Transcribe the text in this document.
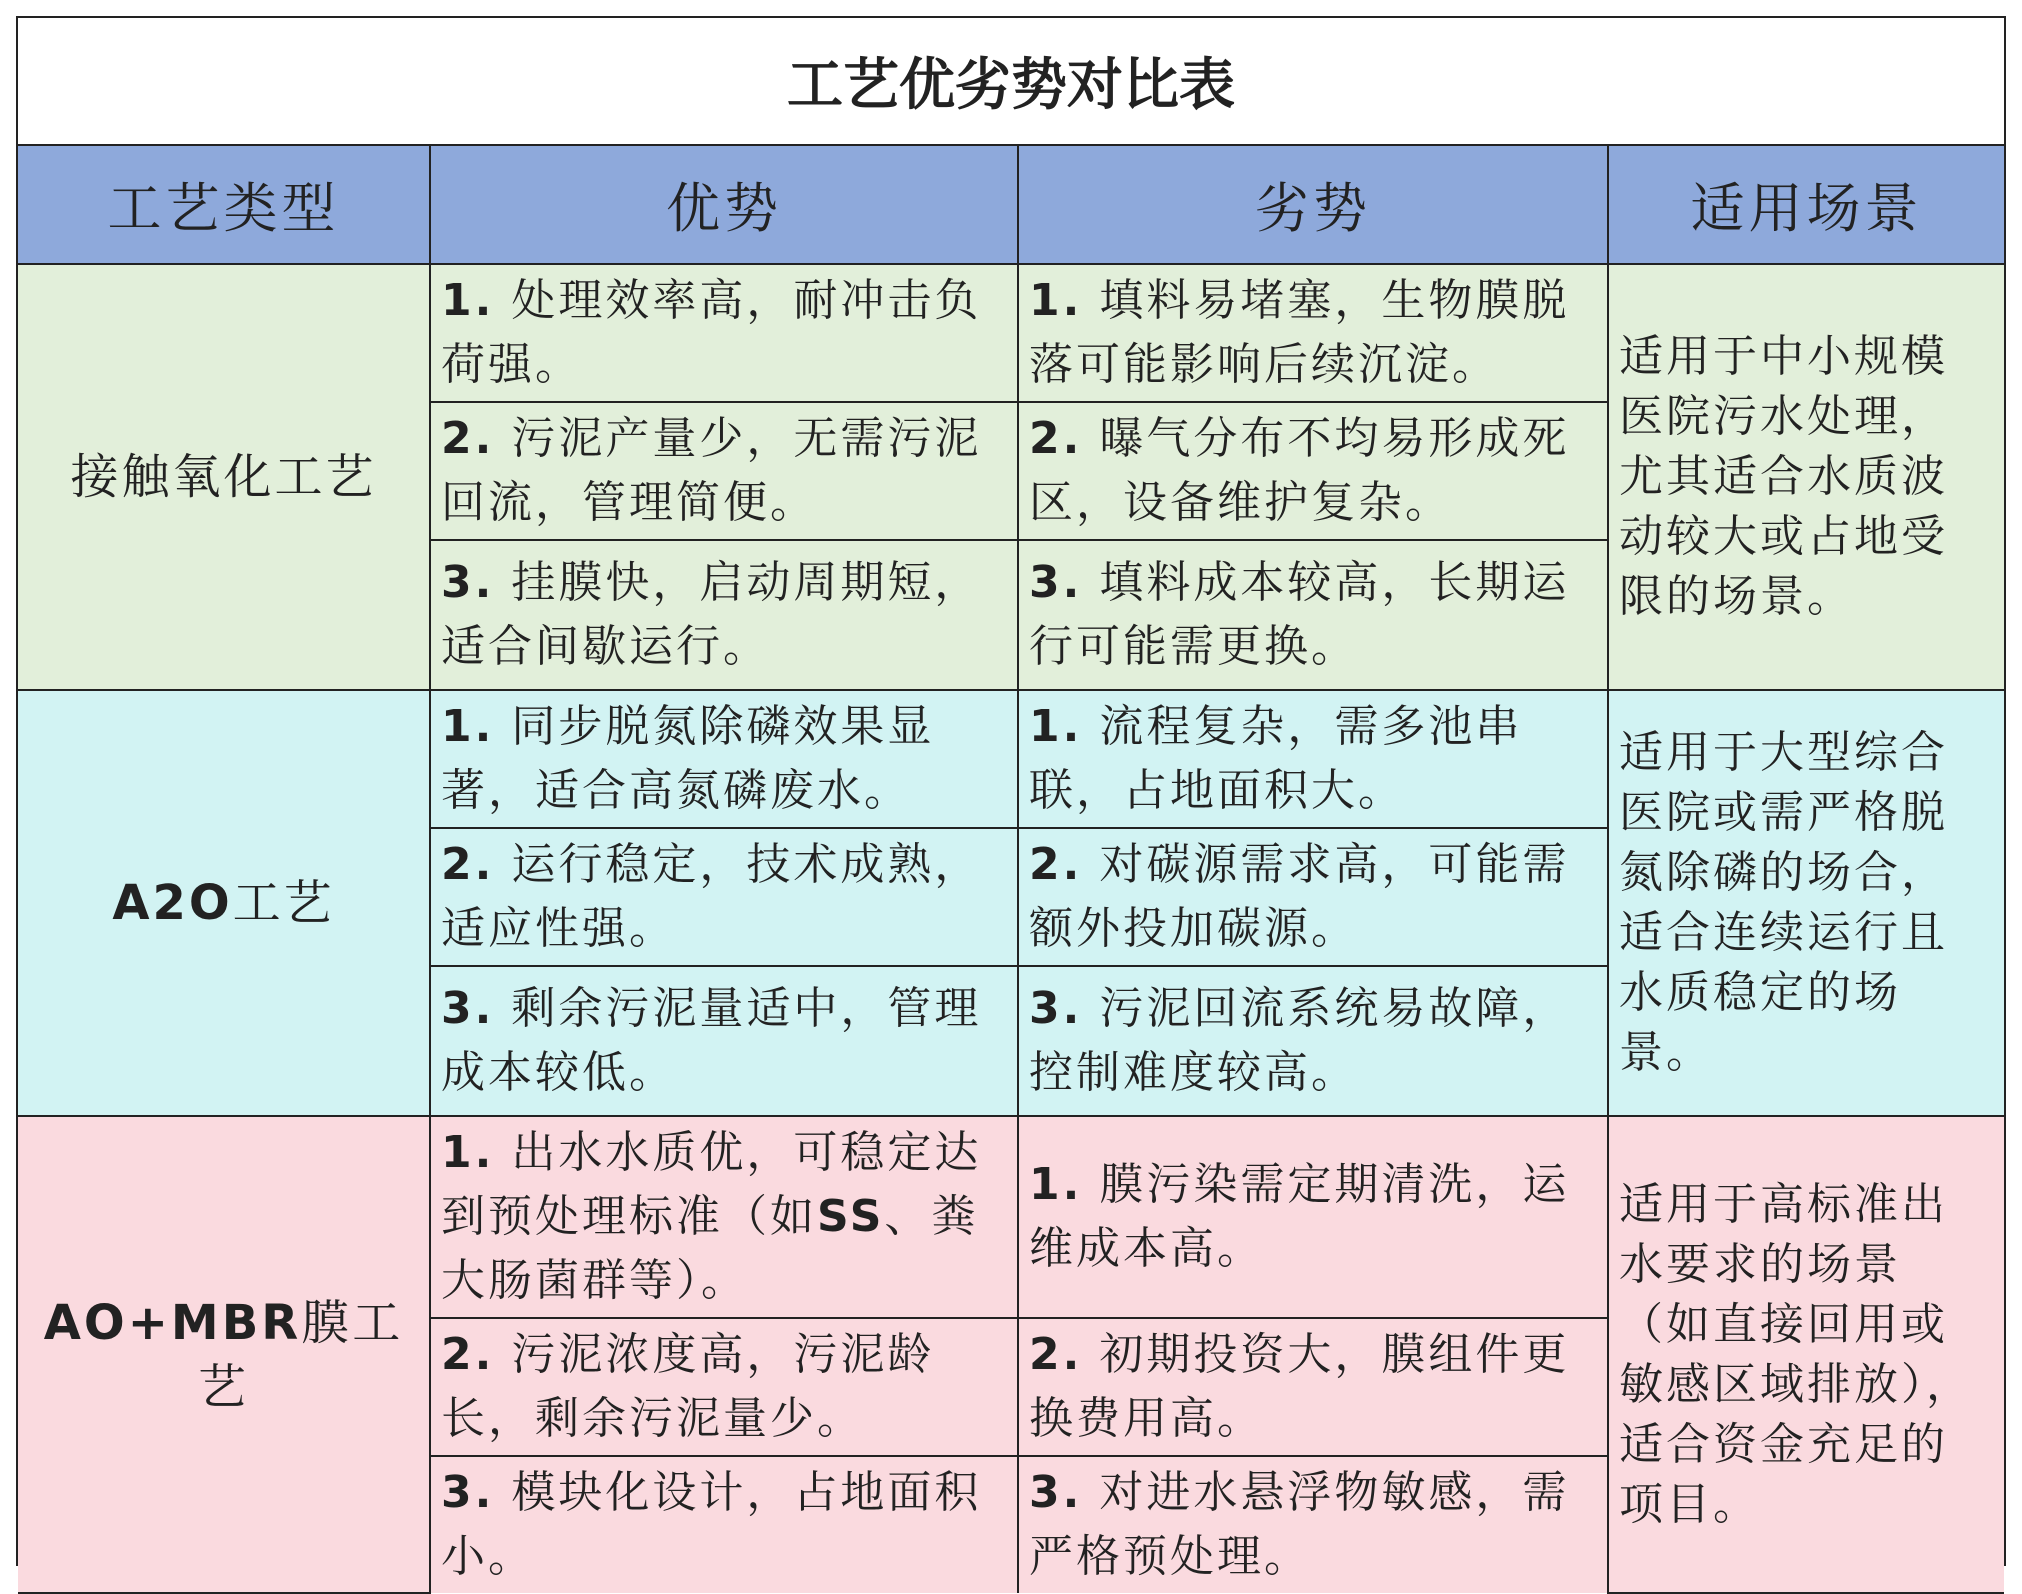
工艺优劣势对比表
工艺类型	优势	劣势	适用场景
接触氧化工艺	1. 处理效率高，耐冲击负荷强。	1. 填料易堵塞，生物膜脱落可能影响后续沉淀。	适用于中小规模医院污水处理，尤其适合水质波动较大或占地受限的场景。
	2. 污泥产量少，无需污泥回流，管理简便。	2. 曝气分布不均易形成死区，设备维护复杂。	
	3. 挂膜快，启动周期短，适合间歇运行。	3. 填料成本较高，长期运行可能需更换。	
A2O工艺	1. 同步脱氮除磷效果显著，适合高氮磷废水。	1. 流程复杂，需多池串联，占地面积大。	适用于大型综合医院或需严格脱氮除磷的场合，适合连续运行且水质稳定的场景。
	2. 运行稳定，技术成熟，适应性强。	2. 对碳源需求高，可能需额外投加碳源。	
	3. 剩余污泥量适中，管理成本较低。	3. 污泥回流系统易故障，控制难度较高。	
AO+MBR膜工艺	1. 出水水质优，可稳定达到预处理标准（如SS、粪大肠菌群等）。	1. 膜污染需定期清洗，运维成本高。	适用于高标准出水要求的场景（如直接回用或敏感区域排放），适合资金充足的项目。
	2. 污泥浓度高，污泥龄长，剩余污泥量少。	2. 初期投资大，膜组件更换费用高。	
	3. 模块化设计，占地面积小。	3. 对进水悬浮物敏感，需严格预处理。	
